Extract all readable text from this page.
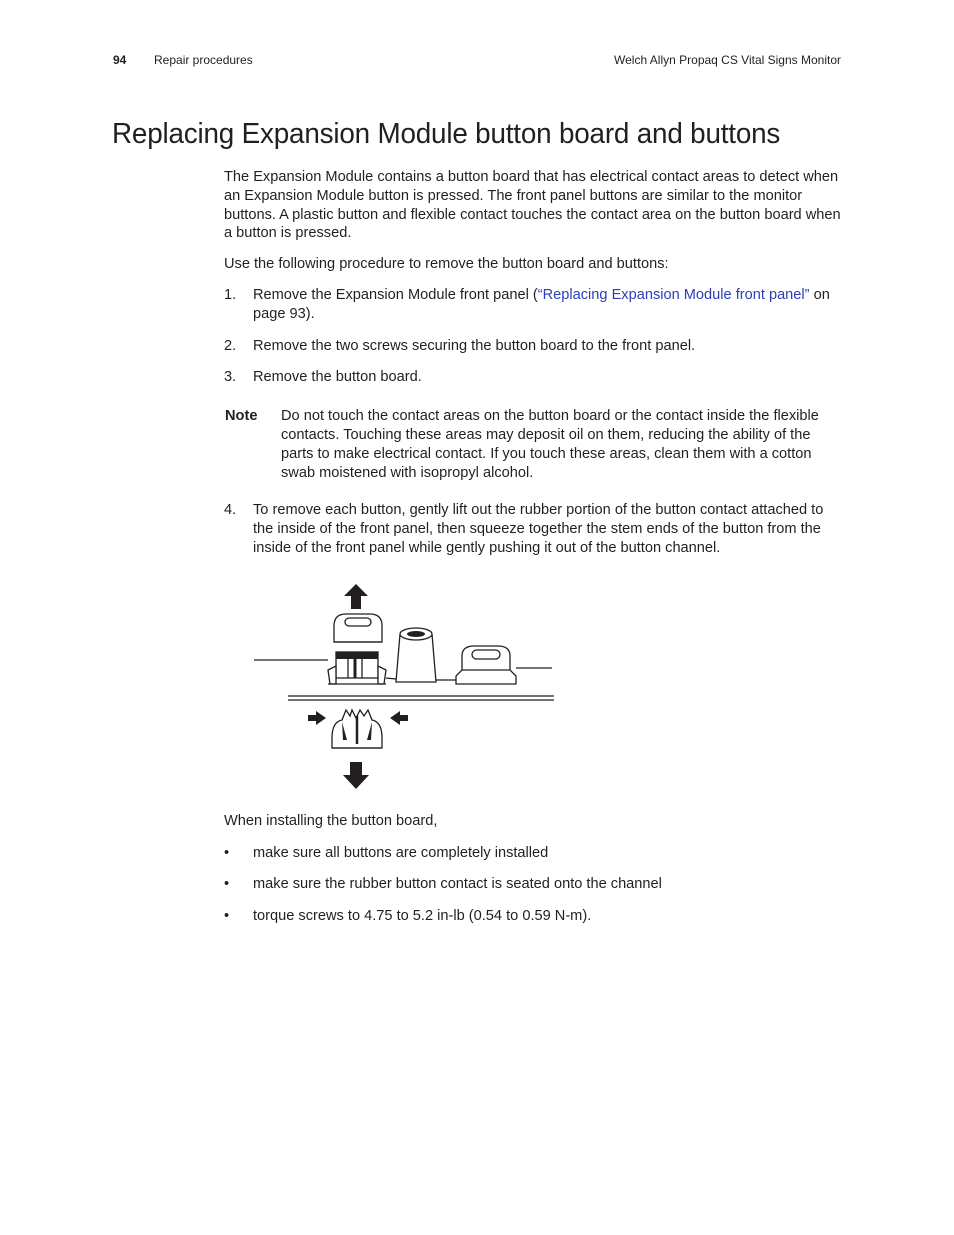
94 Repair procedures	Welch Allyn Propaq CS Vital Signs Monitor
Replacing Expansion Module button board and buttons

The Expansion Module contains a button board that has electrical contact areas to detect when an Expansion Module button is pressed. The front panel buttons are similar to the monitor buttons. A plastic button and flexible contact touches the contact area on the button board when a button is pressed.

Use the following procedure to remove the button board and buttons:

1. Remove the Expansion Module front panel (“Replacing Expansion Module front panel” on page 93).
2. Remove the two screws securing the button board to the front panel.
3. Remove the button board.
Note Do not touch the contact areas on the button board or the contact inside the flexible contacts. Touching these areas may deposit oil on them, reducing the ability of the parts to make electrical contact. If you touch these areas, clean them with a cotton swab moistened with isopropyl alcohol.
4. To remove each button, gently lift out the rubber portion of the button contact attached to the inside of the front panel, then squeeze together the stem ends of the button from the inside of the front panel while gently pushing it out of the button channel.

When installing the button board,

• make sure all buttons are completely installed
• make sure the rubber button contact is seated onto the channel
• torque screws to 4.75 to 5.2 in-lb (0.54 to 0.59 N-m).
